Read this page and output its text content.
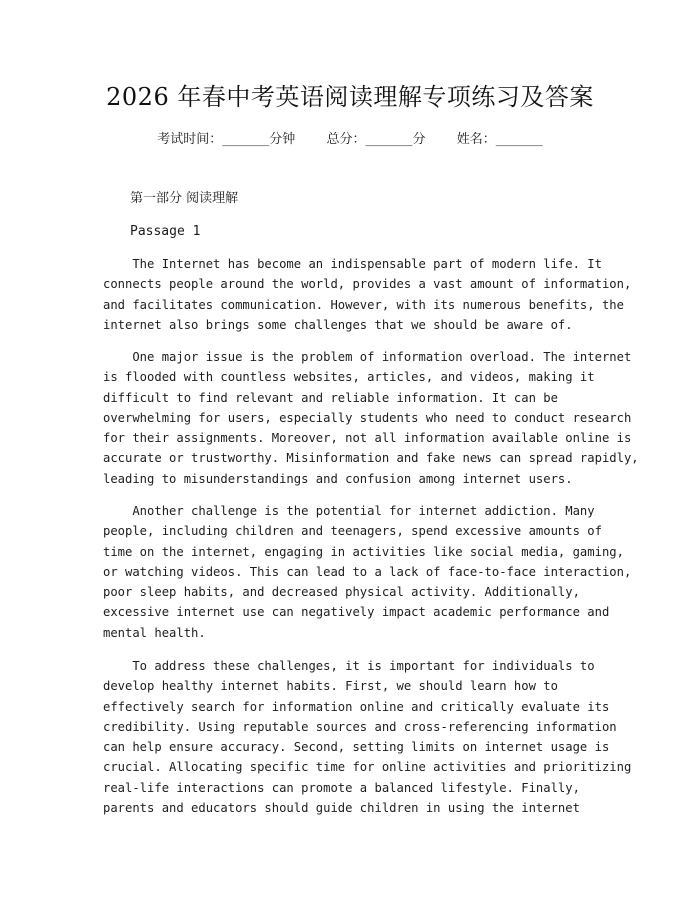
2026 年春中考英语阅读理解专项练习及答案
考试时间：______分钟 总分：______分 姓名：______
第一部分 阅读理解
Passage 1
The Internet has become an indispensable part of modern life. It
connects people around the world, provides a vast amount of information,
and facilitates communication. However, with its numerous benefits, the
internet also brings some challenges that we should be aware of.
One major issue is the problem of information overload. The internet
is flooded with countless websites, articles, and videos, making it
difficult to find relevant and reliable information. It can be
overwhelming for users, especially students who need to conduct research
for their assignments. Moreover, not all information available online is
accurate or trustworthy. Misinformation and fake news can spread rapidly,
leading to misunderstandings and confusion among internet users.
Another challenge is the potential for internet addiction. Many
people, including children and teenagers, spend excessive amounts of
time on the internet, engaging in activities like social media, gaming,
or watching videos. This can lead to a lack of face-to-face interaction,
poor sleep habits, and decreased physical activity. Additionally,
excessive internet use can negatively impact academic performance and
mental health.
To address these challenges, it is important for individuals to
develop healthy internet habits. First, we should learn how to
effectively search for information online and critically evaluate its
credibility. Using reputable sources and cross-referencing information
can help ensure accuracy. Second, setting limits on internet usage is
crucial. Allocating specific time for online activities and prioritizing
real-life interactions can promote a balanced lifestyle. Finally,
parents and educators should guide children in using the internet
